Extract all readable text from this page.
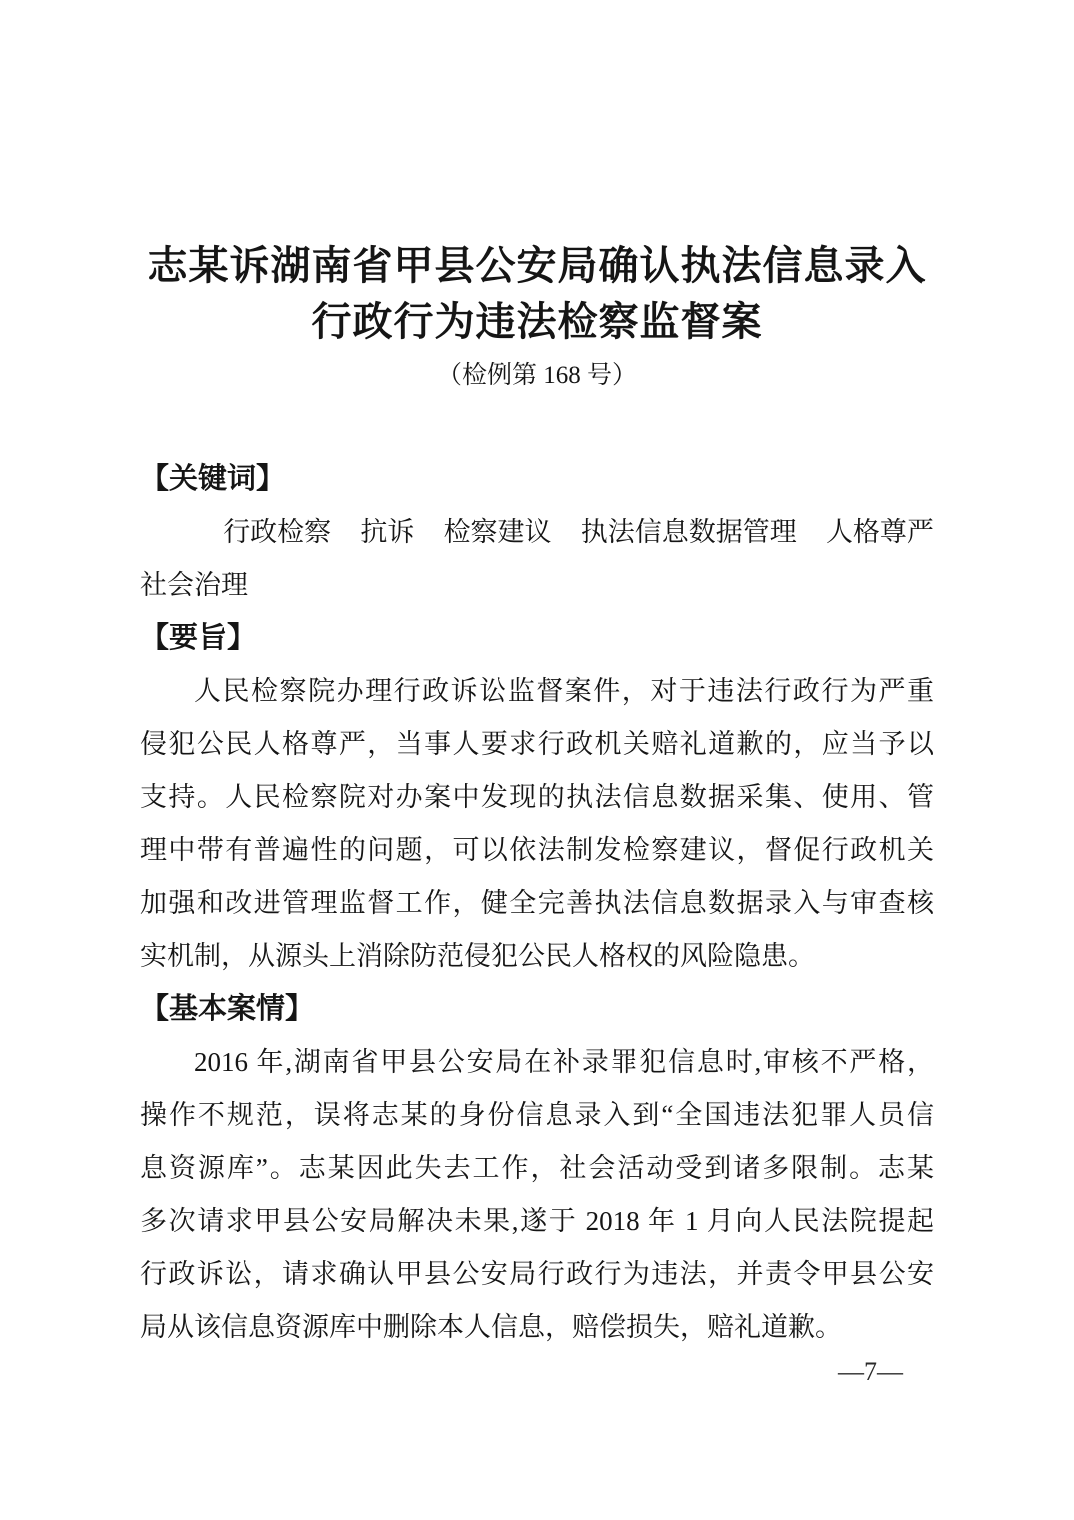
志某诉湖南省甲县公安局确认执法信息录入
行政行为违法检察监督案
（检例第 168 号）
【关键词】
行政检察 抗诉 检察建议 执法信息数据管理 人格尊严
社会治理
【要旨】
人民检察院办理行政诉讼监督案件，对于违法行政行为严重
侵犯公民人格尊严，当事人要求行政机关赔礼道歉的，应当予以
支持。人民检察院对办案中发现的执法信息数据采集、使用、管
理中带有普遍性的问题，可以依法制发检察建议，督促行政机关
加强和改进管理监督工作，健全完善执法信息数据录入与审查核
实机制，从源头上消除防范侵犯公民人格权的风险隐患。
【基本案情】
2016 年,湖南省甲县公安局在补录罪犯信息时,审核不严格，
操作不规范，误将志某的身份信息录入到“全国违法犯罪人员信
息资源库”。志某因此失去工作，社会活动受到诸多限制。志某
多次请求甲县公安局解决未果,遂于 2018 年 1 月向人民法院提起
行政诉讼，请求确认甲县公安局行政行为违法，并责令甲县公安
局从该信息资源库中删除本人信息，赔偿损失，赔礼道歉。
—7—
